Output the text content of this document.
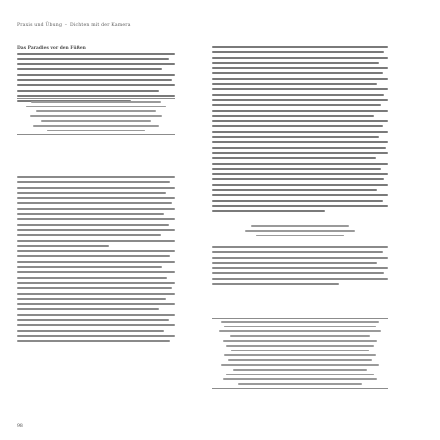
Praxis und Übung – Dichten mit der Kamera
Das Paradies vor den Füßen
98
